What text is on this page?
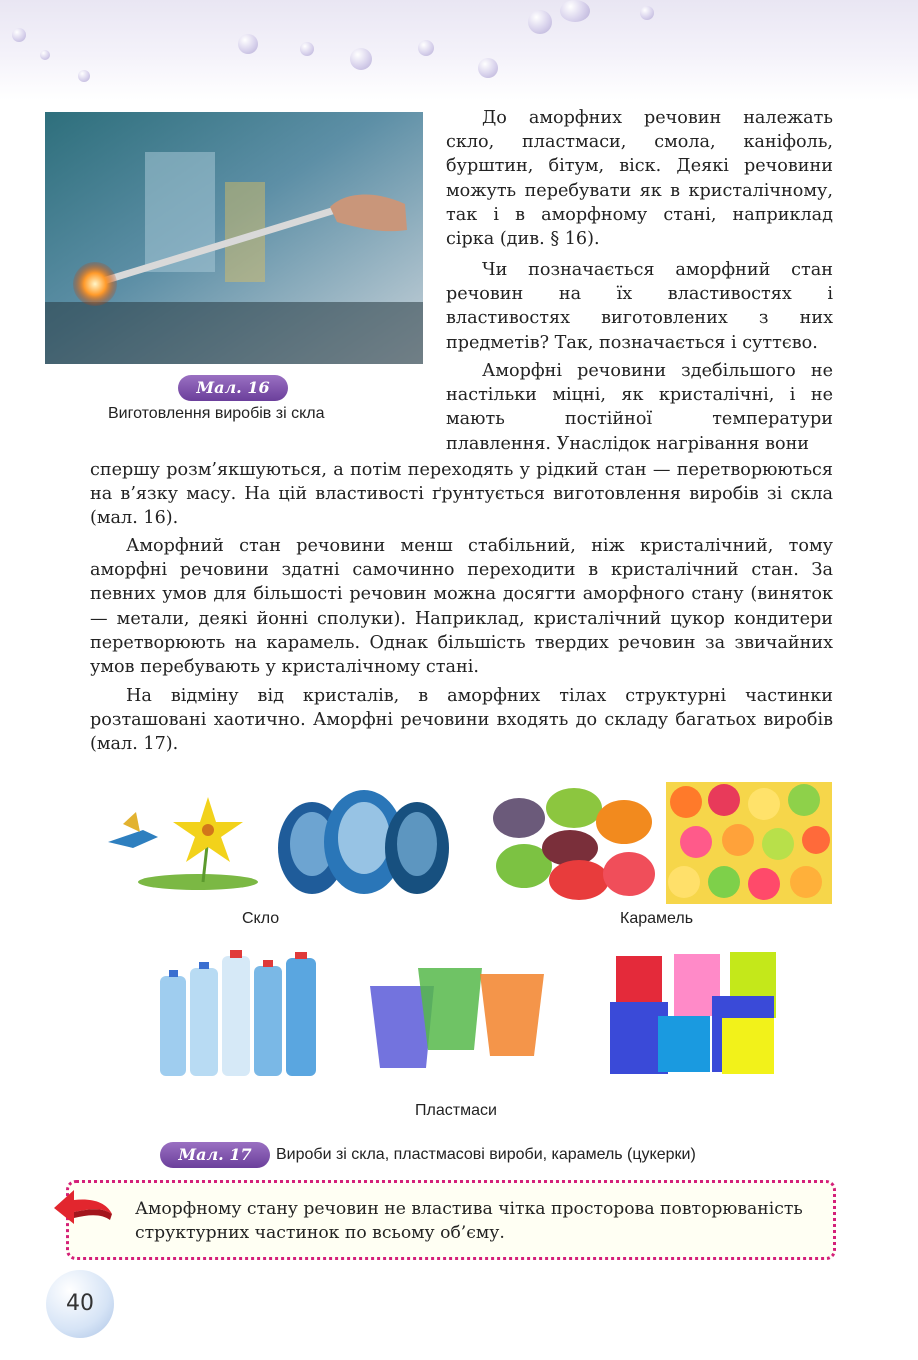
Мал. 16
Виготовлення виробів зі скла

До аморфних речовин належать скло, пластмаси, смола, каніфоль, бурштин, бітум, віск. Деякі речовини можуть перебувати як в кристалічному, так і в аморфному стані, наприклад сірка (див. § 16).

Чи позначається аморфний стан речовин на їх властивостях і властивостях виготовлених з них предметів? Так, позначається і суттєво.

Аморфні речовини здебільшого не настільки міцні, як кристалічні, і не мають постійної температури плавлення. Унаслідок нагрівання вони

спершу розм’якшуються, а потім переходять у рідкий стан — перетворюються на в’язку масу. На цій властивості ґрунтується виготовлення виробів зі скла (мал. 16).

Аморфний стан речовини менш стабільний, ніж кристалічний, тому аморфні речовини здатні самочинно переходити в кристалічний стан. За певних умов для більшості речовин можна досягти аморфного стану (виняток — метали, деякі йонні сполуки). Наприклад, кристалічний цукор кондитери перетворюють на карамель. Однак більшість твердих речовин за звичайних умов перебувають у кристалічному стані.

На відміну від кристалів, в аморфних тілах структурні частинки розташовані хаотично. Аморфні речовини входять до складу багатьох виробів (мал. 17).

Скло	Карамель
Пластмаси
Мал. 17	Вироби зі скла, пластмасові вироби, карамель (цукерки)

Аморфному стану речовин не властива чітка просторова повторюваність структурних частинок по всьому об’єму.

40
